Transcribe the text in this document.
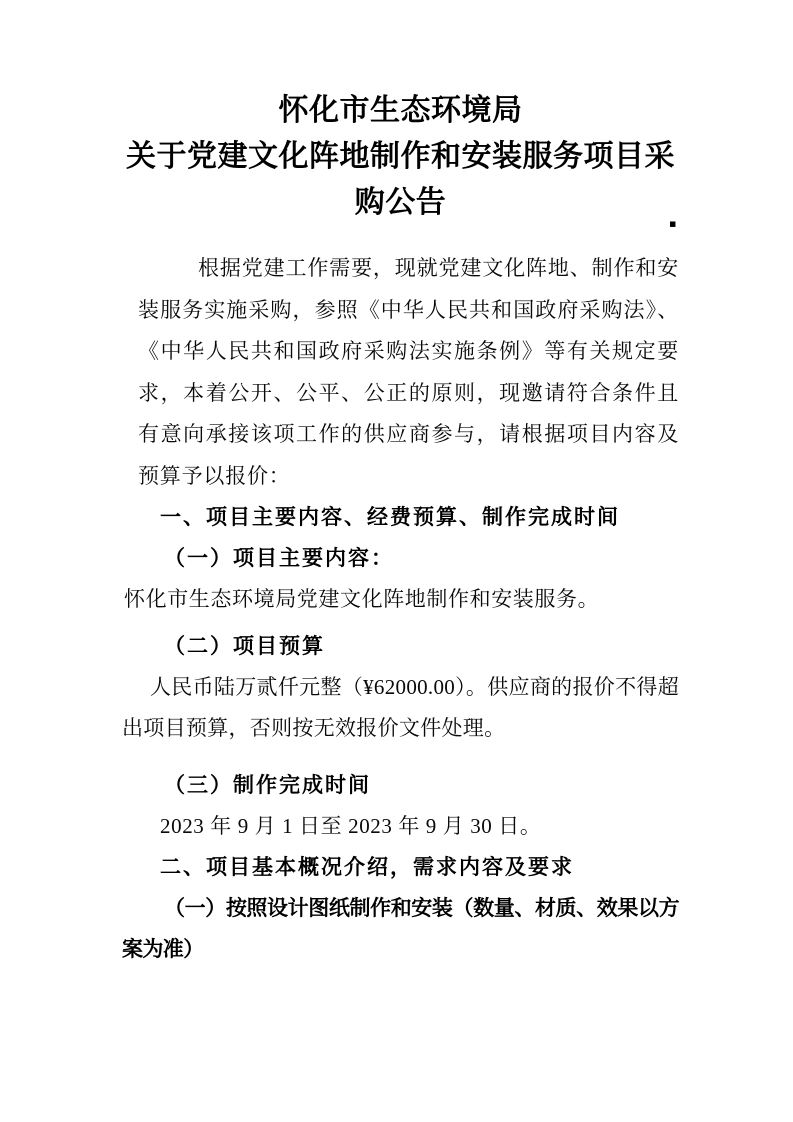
▪
怀化市生态环境局
关于党建文化阵地制作和安装服务项目采购公告
根据党建工作需要，现就党建文化阵地、制作和安装服务实施采购，参照《中华人民共和国政府采购法》、《中华人民共和国政府采购法实施条例》等有关规定要求，本着公开、公平、公正的原则，现邀请符合条件且有意向承接该项工作的供应商参与，请根据项目内容及预算予以报价：
一、项目主要内容、经费预算、制作完成时间
（一）项目主要内容：
怀化市生态环境局党建文化阵地制作和安装服务。
（二）项目预算
人民币陆万贰仟元整（¥62000.00）。供应商的报价不得超出项目预算，否则按无效报价文件处理。
（三）制作完成时间
2023 年 9 月 1 日至 2023 年 9 月 30 日。
二、项目基本概况介绍，需求内容及要求
（一）按照设计图纸制作和安装（数量、材质、效果以方案为准）
